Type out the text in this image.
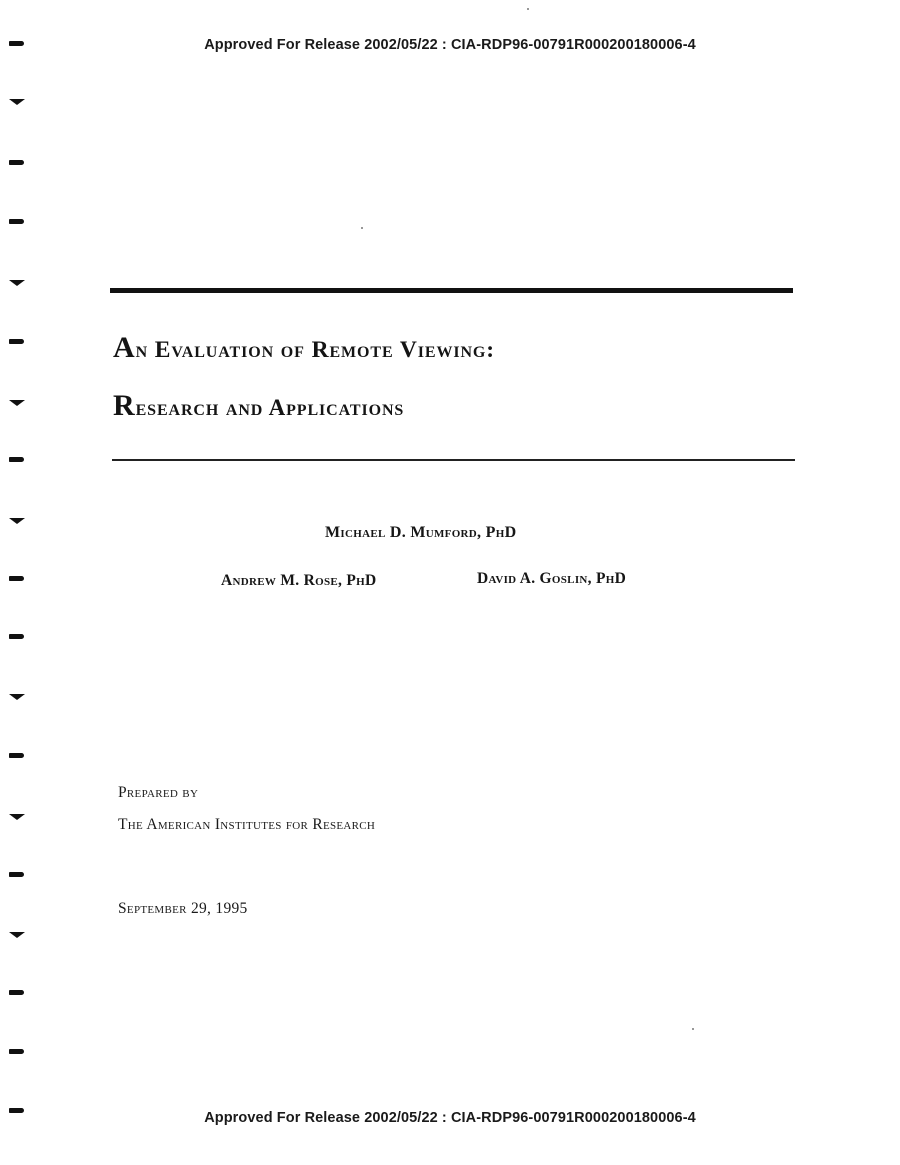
Approved For Release 2002/05/22 : CIA-RDP96-00791R000200180006-4
An Evaluation of Remote Viewing:
Research and Applications

Michael D. Mumford, PhD

Andrew M. Rose, PhD	David A. Goslin, PhD

Prepared by

The American Institutes for Research

September 29, 1995

Approved For Release 2002/05/22 : CIA-RDP96-00791R000200180006-4
